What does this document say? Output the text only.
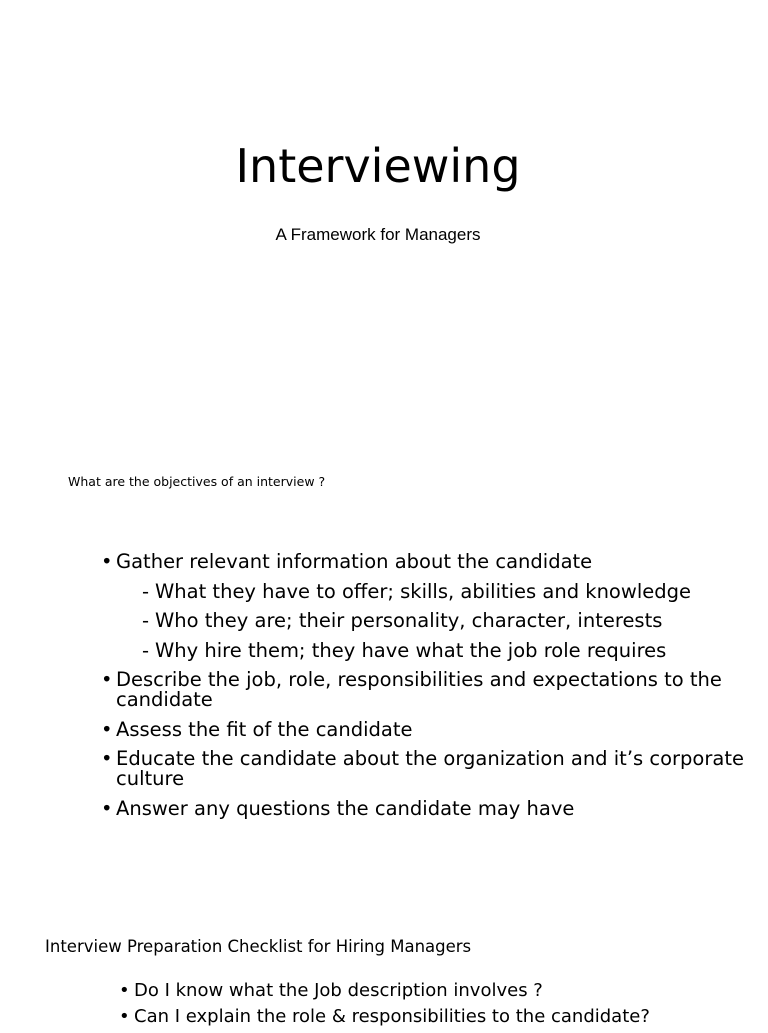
Interviewing
A Framework for Managers
What are the objectives of an interview ?
• Gather relevant information about the candidate
- What they have to offer; skills, abilities and knowledge
- Who they are; their personality, character, interests
- Why hire them; they have what the job role requires
• Describe the job, role, responsibilities and expectations to the candidate
• Assess the fit of the candidate
• Educate the candidate about the organization and it’s corporate culture
• Answer any questions the candidate may have
Interview Preparation Checklist for Hiring Managers
• Do I know what the Job description involves ?
• Can I explain the role & responsibilities to the candidate?
